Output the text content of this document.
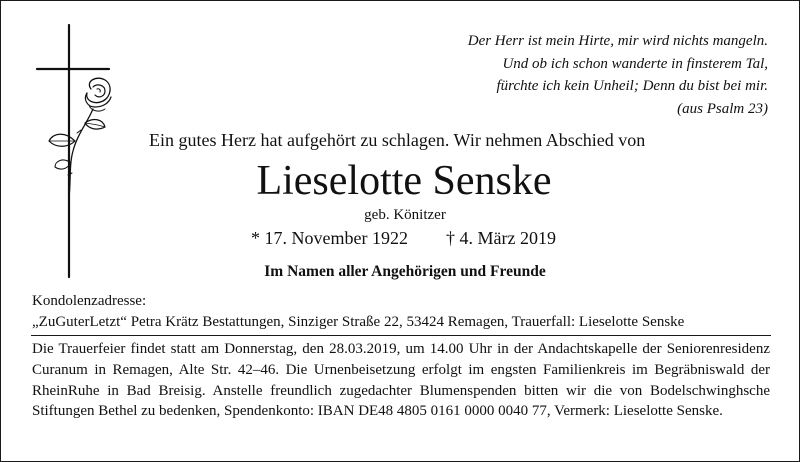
Der Herr ist mein Hirte, mir wird nichts mangeln.
Und ob ich schon wanderte in finsterem Tal,
fürchte ich kein Unheil; Denn du bist bei mir.
(aus Psalm 23)
Ein gutes Herz hat aufgehört zu schlagen. Wir nehmen Abschied von
Lieselotte Senske
geb. Könitzer
* 17. November 1922 † 4. März 2019
Im Namen aller Angehörigen und Freunde
Kondolenzadresse:
„ZuGuterLetzt“ Petra Krätz Bestattungen, Sinziger Straße 22, 53424 Remagen, Trauerfall: Lieselotte Senske
Die Trauerfeier findet statt am Donnerstag, den 28.03.2019, um 14.00 Uhr in der Andachtskapelle der Seniorenresidenz Curanum in Remagen, Alte Str. 42–46. Die Urnenbeisetzung erfolgt im engsten Familienkreis im Begräbniswald der RheinRuhe in Bad Breisig. Anstelle freundlich zugedachter Blumenspenden bitten wir die von Bodelschwinghsche Stiftungen Bethel zu bedenken, Spendenkonto: IBAN DE48 4805 0161 0000 0040 77, Vermerk: Lieselotte Senske.
